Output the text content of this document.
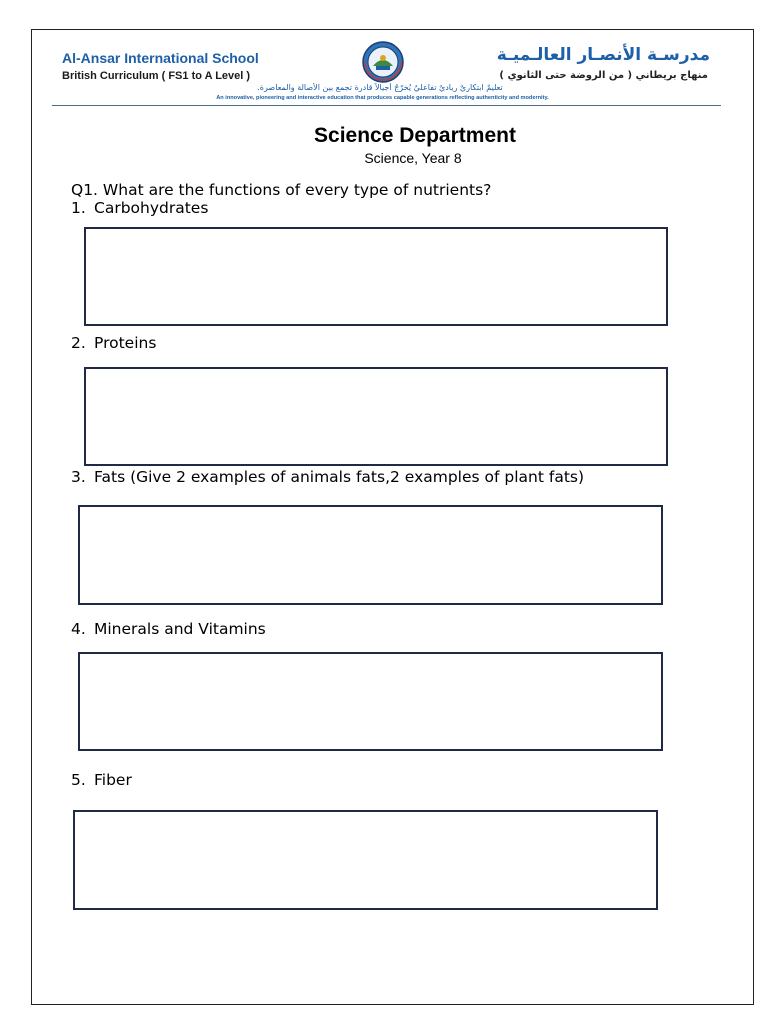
Al-Ansar International School
British Curriculum ( FS1 to A Level )
مدرسـة الأنصـار العالـميـة
منهاج بريطاني ( من الروضة حتى الثانوي )
تعليمٌ ابتكاريٌ رياديٌ تفاعليٌ يُخرّجُ أجيالاً قادرة تجمع بين الأصالة والمعاصرة.
An innovative, pioneering and interactive education that produces capable generations reflecting authenticity and modernity.
Science Department
Science, Year 8
Q1. What are the functions of every type of nutrients?
1. Carbohydrates
2. Proteins
3. Fats (Give 2 examples of animals fats,2 examples of plant fats)
4. Minerals and Vitamins
5. Fiber
